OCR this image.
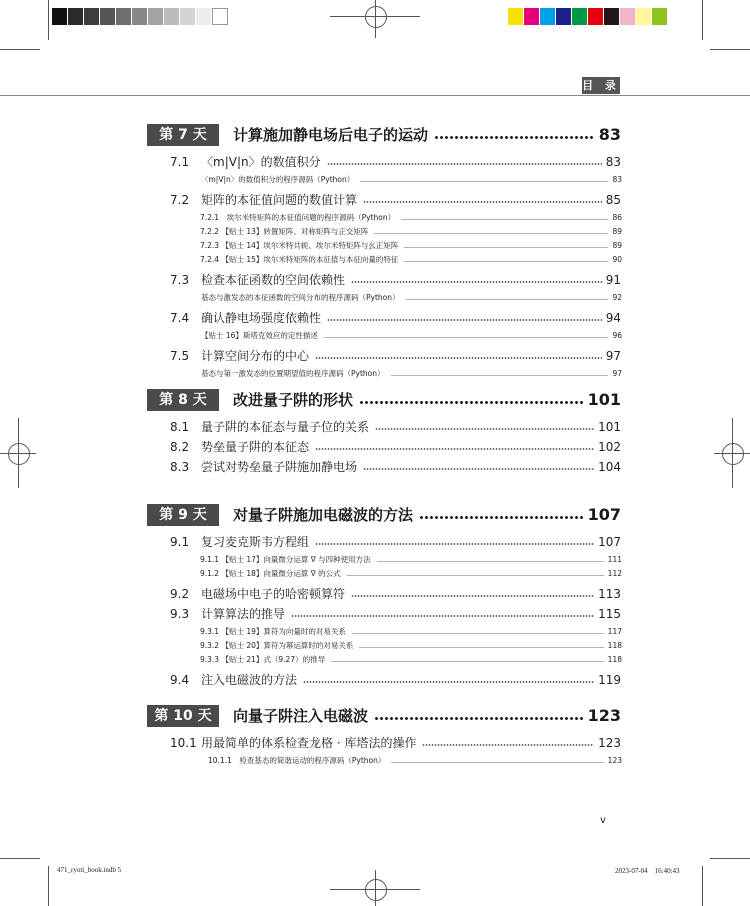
目 录
第 7 天	计算施加静电场后电子的运动	83
7.1 〈m|V|n〉的数值积分	83
〈m|V|n〉的数值积分的程序源码（Python）	83
7.2 矩阵的本征值问题的数值计算	85
7.2.1　埃尔米特矩阵的本征值问题的程序源码（Python）	86
7.2.2 【贴士 13】转置矩阵、对称矩阵与正交矩阵	89
7.2.3 【贴士 14】埃尔米特共轭、埃尔米特矩阵与幺正矩阵	89
7.2.4 【贴士 15】埃尔米特矩阵的本征值与本征向量的特征	90
7.3 检查本征函数的空间依赖性	91
基态与激发态的本征函数的空间分布的程序源码（Python）	92
7.4 确认静电场强度依赖性	94
【贴士 16】斯塔克效应的定性描述	96
7.5 计算空间分布的中心	97
基态与第一激发态的位置期望值的程序源码（Python）	97
第 8 天	改进量子阱的形状	101
8.1 量子阱的本征态与量子位的关系	101
8.2 势垒量子阱的本征态	102
8.3 尝试对势垒量子阱施加静电场	104
第 9 天	对量子阱施加电磁波的方法	107
9.1 复习麦克斯韦方程组	107
9.1.1 【贴士 17】向量微分运算 ∇ 与四种使用方法	111
9.1.2 【贴士 18】向量微分运算 ∇ 的公式	112
9.2 电磁场中电子的哈密顿算符	113
9.3 计算算法的推导	115
9.3.1 【贴士 19】算符为向量时的对易关系	117
9.3.2 【贴士 20】算符为幂运算时的对易关系	118
9.3.3 【贴士 21】式（9.27）的推导	118
9.4 注入电磁波的方法	119
第 10 天	向量子阱注入电磁波	123
10.1 用最简单的体系检查龙格 · 库塔法的操作	123
10.1.1　检查基态的简谐运动的程序源码（Python）	123
v
471_ryoti_book.indb 5	2023-07-04　16:40:43
